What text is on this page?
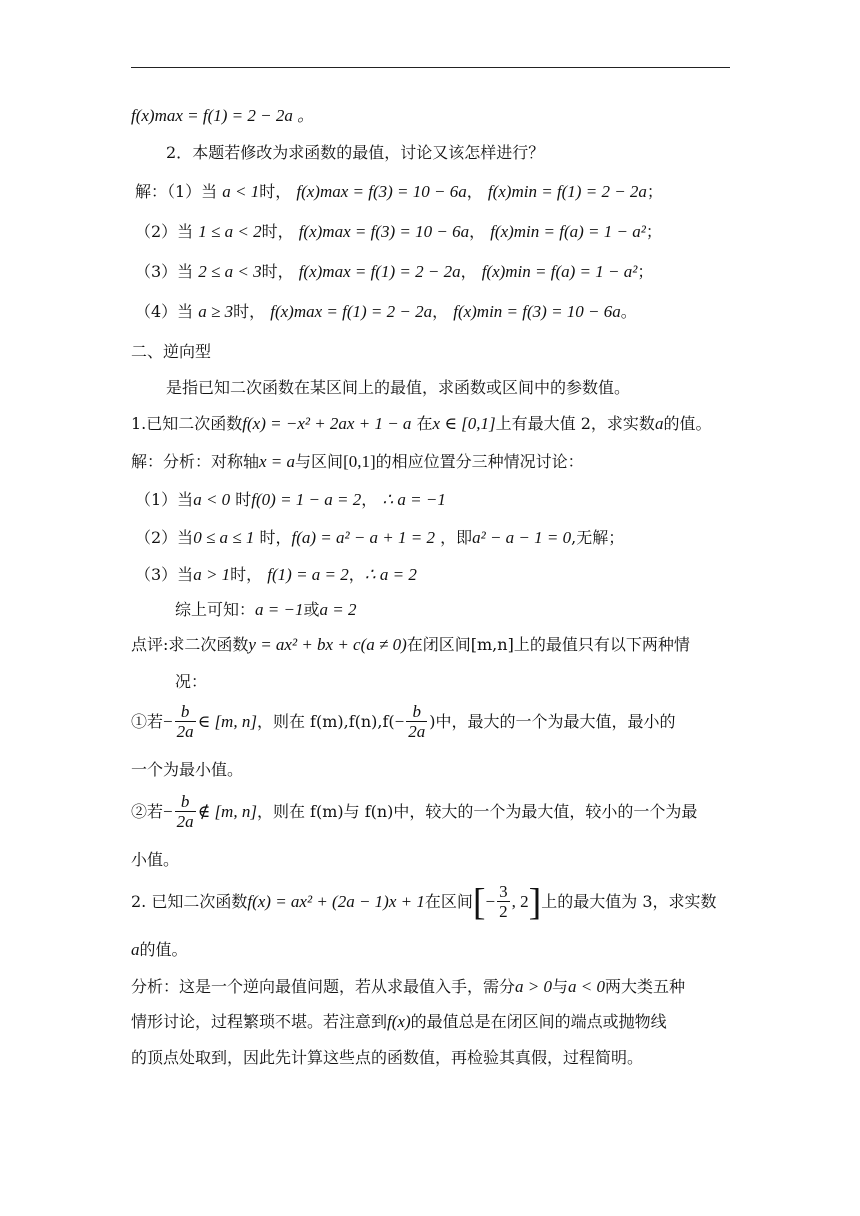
f(x)max = f(1) = 2 − 2a 。
2．本题若修改为求函数的最值，讨论又该怎样进行？
解：（1）当 a < 1时， f(x)max = f(3) = 10 − 6a， f(x)min = f(1) = 2 − 2a；
（2）当 1 ≤ a < 2时， f(x)max = f(3) = 10 − 6a， f(x)min = f(a) = 1 − a²；
（3）当 2 ≤ a < 3时， f(x)max = f(1) = 2 − 2a， f(x)min = f(a) = 1 − a²；
（4）当 a ≥ 3时， f(x)max = f(1) = 2 − 2a， f(x)min = f(3) = 10 − 6a。
二、逆向型
是指已知二次函数在某区间上的最值，求函数或区间中的参数值。
1.已知二次函数f(x) = −x² + 2ax + 1 − a 在x ∈ [0,1]上有最大值 2，求实数a的值。
解：分析：对称轴x = a与区间[0,1]的相应位置分三种情况讨论：
（1）当a < 0 时f(0) = 1 − a = 2， ∴ a = −1
（2）当0 ≤ a ≤ 1 时，f(a) = a² − a + 1 = 2 ，即a² − a − 1 = 0,无解；
（3）当a > 1时， f(1) = a = 2，∴ a = 2
综上可知：a = −1或a = 2
点评:求二次函数y = ax² + bx + c(a ≠ 0)在闭区间[m,n]上的最值只有以下两种情
况：
①若− $\frac{b}{2a}$ ∈ [m, n]，则在 $f(m),f(n),f(- \frac{b}{2a}$ )中，最大的一个为最大值，最小的
一个为最小值。
②若− $\frac{b}{2a}$ ∉ [m, n]，则在 f(m)与 f(n)中，较大的一个为最大值，较小的一个为最
小值。
2. 已知二次函数f(x) = ax² + (2a − 1)x + 1在区间[− $\frac{3}{2}$ , 2]上的最大值为 3，求实数
a的值。
分析：这是一个逆向最值问题，若从求最值入手，需分a > 0与a < 0两大类五种
情形讨论，过程繁琐不堪。若注意到f(x)的最值总是在闭区间的端点或抛物线
的顶点处取到，因此先计算这些点的函数值，再检验其真假，过程简明。
